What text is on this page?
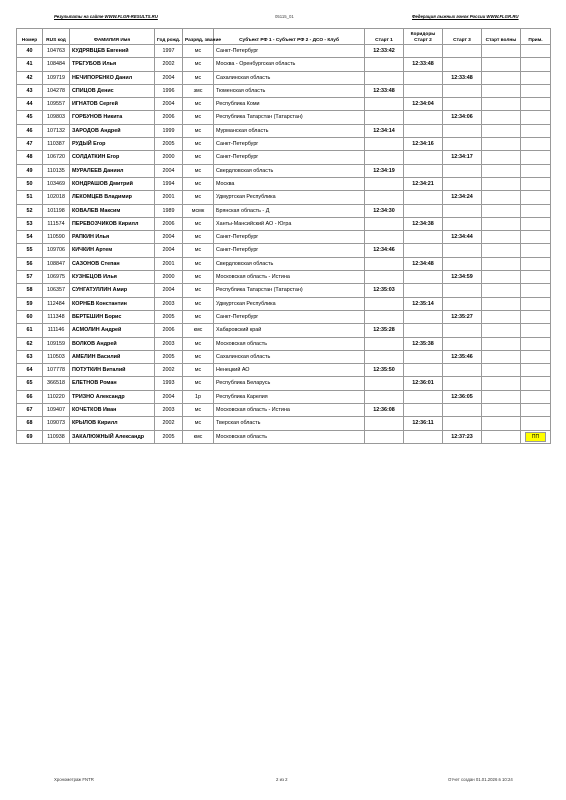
Результаты на сайте WWW.FLGR-RESULTS.RU	05115_01	Федерация лыжных гонок России WWW.FLGR.RU
Номер	RUS код	ФАМИЛИЯ Имя	Год рожд.	Разряд, звание	Субъект РФ 1 - Субъект РФ 2 - ДСО - Клуб	Старт 1	Коридоры
Старт 2	Старт 3	Старт волны	Прим.
40	104763	КУДРЯВЦЕВ Евгений	1997	мс	Санкт-Петербург	12:33:42				
41	108484	ТРЕГУБОВ Илья	2002	мс	Москва - Оренбургская область		12:33:48			
42	109719	НЕЧИПОРЕНКО Данил	2004	мс	Сахалинская область			12:33:48		
43	104278	СПИЦОВ Денис	1996	змс	Тюменская область	12:33:48				
44	109557	ИГНАТОВ Сергей	2004	мс	Республика Коми		12:34:04			
45	109803	ГОРБУНОВ Никита	2006	мс	Республика Татарстан (Татарстан)			12:34:06		
46	107132	ЗАРОДОВ Андрей	1999	мс	Мурманская область	12:34:14				
47	110387	РУДЫЙ Егор	2005	мс	Санкт-Петербург		12:34:16			
48	106720	СОЛДАТКИН Егор	2000	мс	Санкт-Петербург			12:34:17		
49	110135	МУРАЛЕЕВ Даниил	2004	мс	Свердловская область	12:34:19				
50	103469	КОНДРАШОВ Дмитрий	1994	мс	Москва		12:34:21			
51	102018	ЛЕКОМЦЕВ Владимир	2001	мс	Удмуртская Республика			12:34:24		
52	101198	КОВАЛЕВ Максим	1989	мсмк	Брянская область - Д	12:34:30				
53	111574	ПЕРЕВОЗЧИКОВ Кирилл	2006	мс	Ханты-Мансийский АО - Югра		12:34:38			
54	110590	РАПКИН Илья	2004	мс	Санкт-Петербург			12:34:44		
55	109706	КИЧКИН Артем	2004	мс	Санкт-Петербург	12:34:46				
56	108847	САЗОНОВ Степан	2001	мс	Свердловская область		12:34:48			
57	106975	КУЗНЕЦОВ Илья	2000	мс	Московская область - Истина			12:34:59		
58	106357	СУНГАТУЛЛИН Амир	2004	мс	Республика Татарстан (Татарстан)	12:35:03				
59	112484	КОРНЕВ Константин	2003	мс	Удмуртская Республика		12:35:14			
60	111348	ВЕРТЕШИН Борис	2005	мс	Санкт-Петербург			12:35:27		
61	111146	АСМОЛИН Андрей	2006	кмс	Хабаровский край	12:35:28				
62	109159	ВОЛКОВ Андрей	2003	мс	Московская область		12:35:38			
63	110503	АМЕЛИН Василий	2005	мс	Сахалинская область			12:35:46		
64	107778	ПОТУТКИН Виталий	2002	мс	Ненецкий АО	12:35:50				
65	366518	ЕЛЕТНОВ Роман	1993	мс	Республика Беларусь		12:36:01			
66	110220	ТРИЗНО Александр	2004	1р	Республика Карелия			12:36:05		
67	109407	КОЧЕТКОВ Иван	2003	мс	Московская область - Истина	12:36:08				
68	109073	КРЫЛОВ Кирилл	2002	мс	Тверская область		12:36:11			
69	110938	ЗАКАЛЮЖНЫЙ Александр	2005	кмс	Московская область			12:37:23		ПП
Хронометраж FNTR	2 из 2	Отчет создан 01.01.2026 в 10:24
